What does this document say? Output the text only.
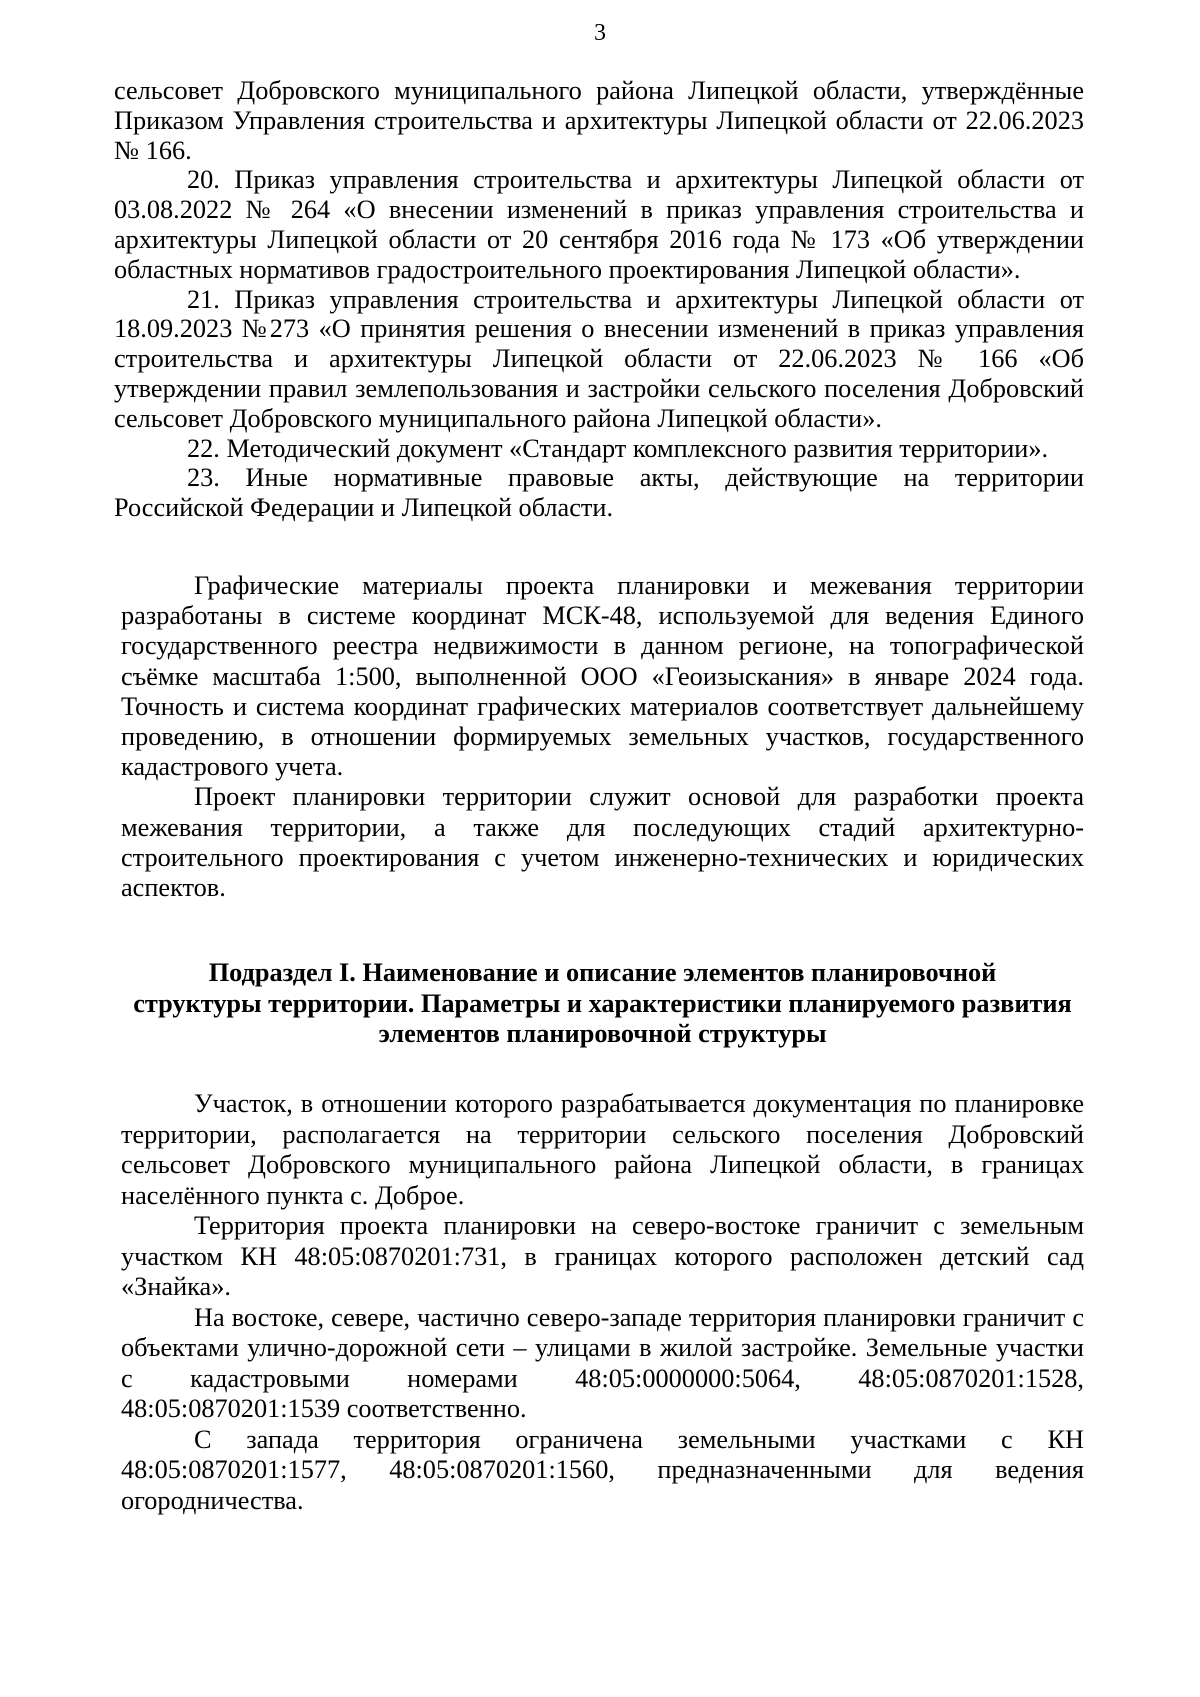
3

сельсовет Добровского муниципального района Липецкой области, утверждённые Приказом Управления строительства и архитектуры Липецкой области от 22.06.2023 № 166.

20. Приказ управления строительства и архитектуры Липецкой области от 03.08.2022 № 264 «О внесении изменений в приказ управления строительства и архитектуры Липецкой области от 20 сентября 2016 года № 173 «Об утверждении областных нормативов градостроительного проектирования Липецкой области».

21. Приказ управления строительства и архитектуры Липецкой области от 18.09.2023 №273 «О принятия решения о внесении изменений в приказ управления строительства и архитектуры Липецкой области от 22.06.2023 № 166 «Об утверждении правил землепользования и застройки сельского поселения Добровский сельсовет Добровского муниципального района Липецкой области».

22. Методический документ «Стандарт комплексного развития территории».

23. Иные нормативные правовые акты, действующие на территории Российской Федерации и Липецкой области.

Графические материалы проекта планировки и межевания территории разработаны в системе координат МСК-48, используемой для ведения Единого государственного реестра недвижимости в данном регионе, на топографической съёмке масштаба 1:500, выполненной ООО «Геоизыскания» в январе 2024 года. Точность и система координат графических материалов соответствует дальнейшему проведению, в отношении формируемых земельных участков, государственного кадастрового учета.

Проект планировки территории служит основой для разработки проекта межевания территории, а также для последующих стадий архитектурно-строительного проектирования с учетом инженерно-технических и юридических аспектов.

Подраздел I. Наименование и описание элементов планировочной

структуры территории. Параметры и характеристики планируемого развития

элементов планировочной структуры

Участок, в отношении которого разрабатывается документация по планировке территории, располагается на территории сельского поселения Добровский сельсовет Добровского муниципального района Липецкой области, в границах населённого пункта с. Доброе.

Территория проекта планировки на северо-востоке граничит с земельным участком КН 48:05:0870201:731, в границах которого расположен детский сад «Знайка».

На востоке, севере, частично северо-западе территория планировки граничит с объектами улично-дорожной сети – улицами в жилой застройке. Земельные участки с кадастровыми номерами 48:05:0000000:5064, 48:05:0870201:1528, 48:05:0870201:1539 соответственно.

С запада территория ограничена земельными участками с КН 48:05:0870201:1577, 48:05:0870201:1560, предназначенными для ведения огородничества.
